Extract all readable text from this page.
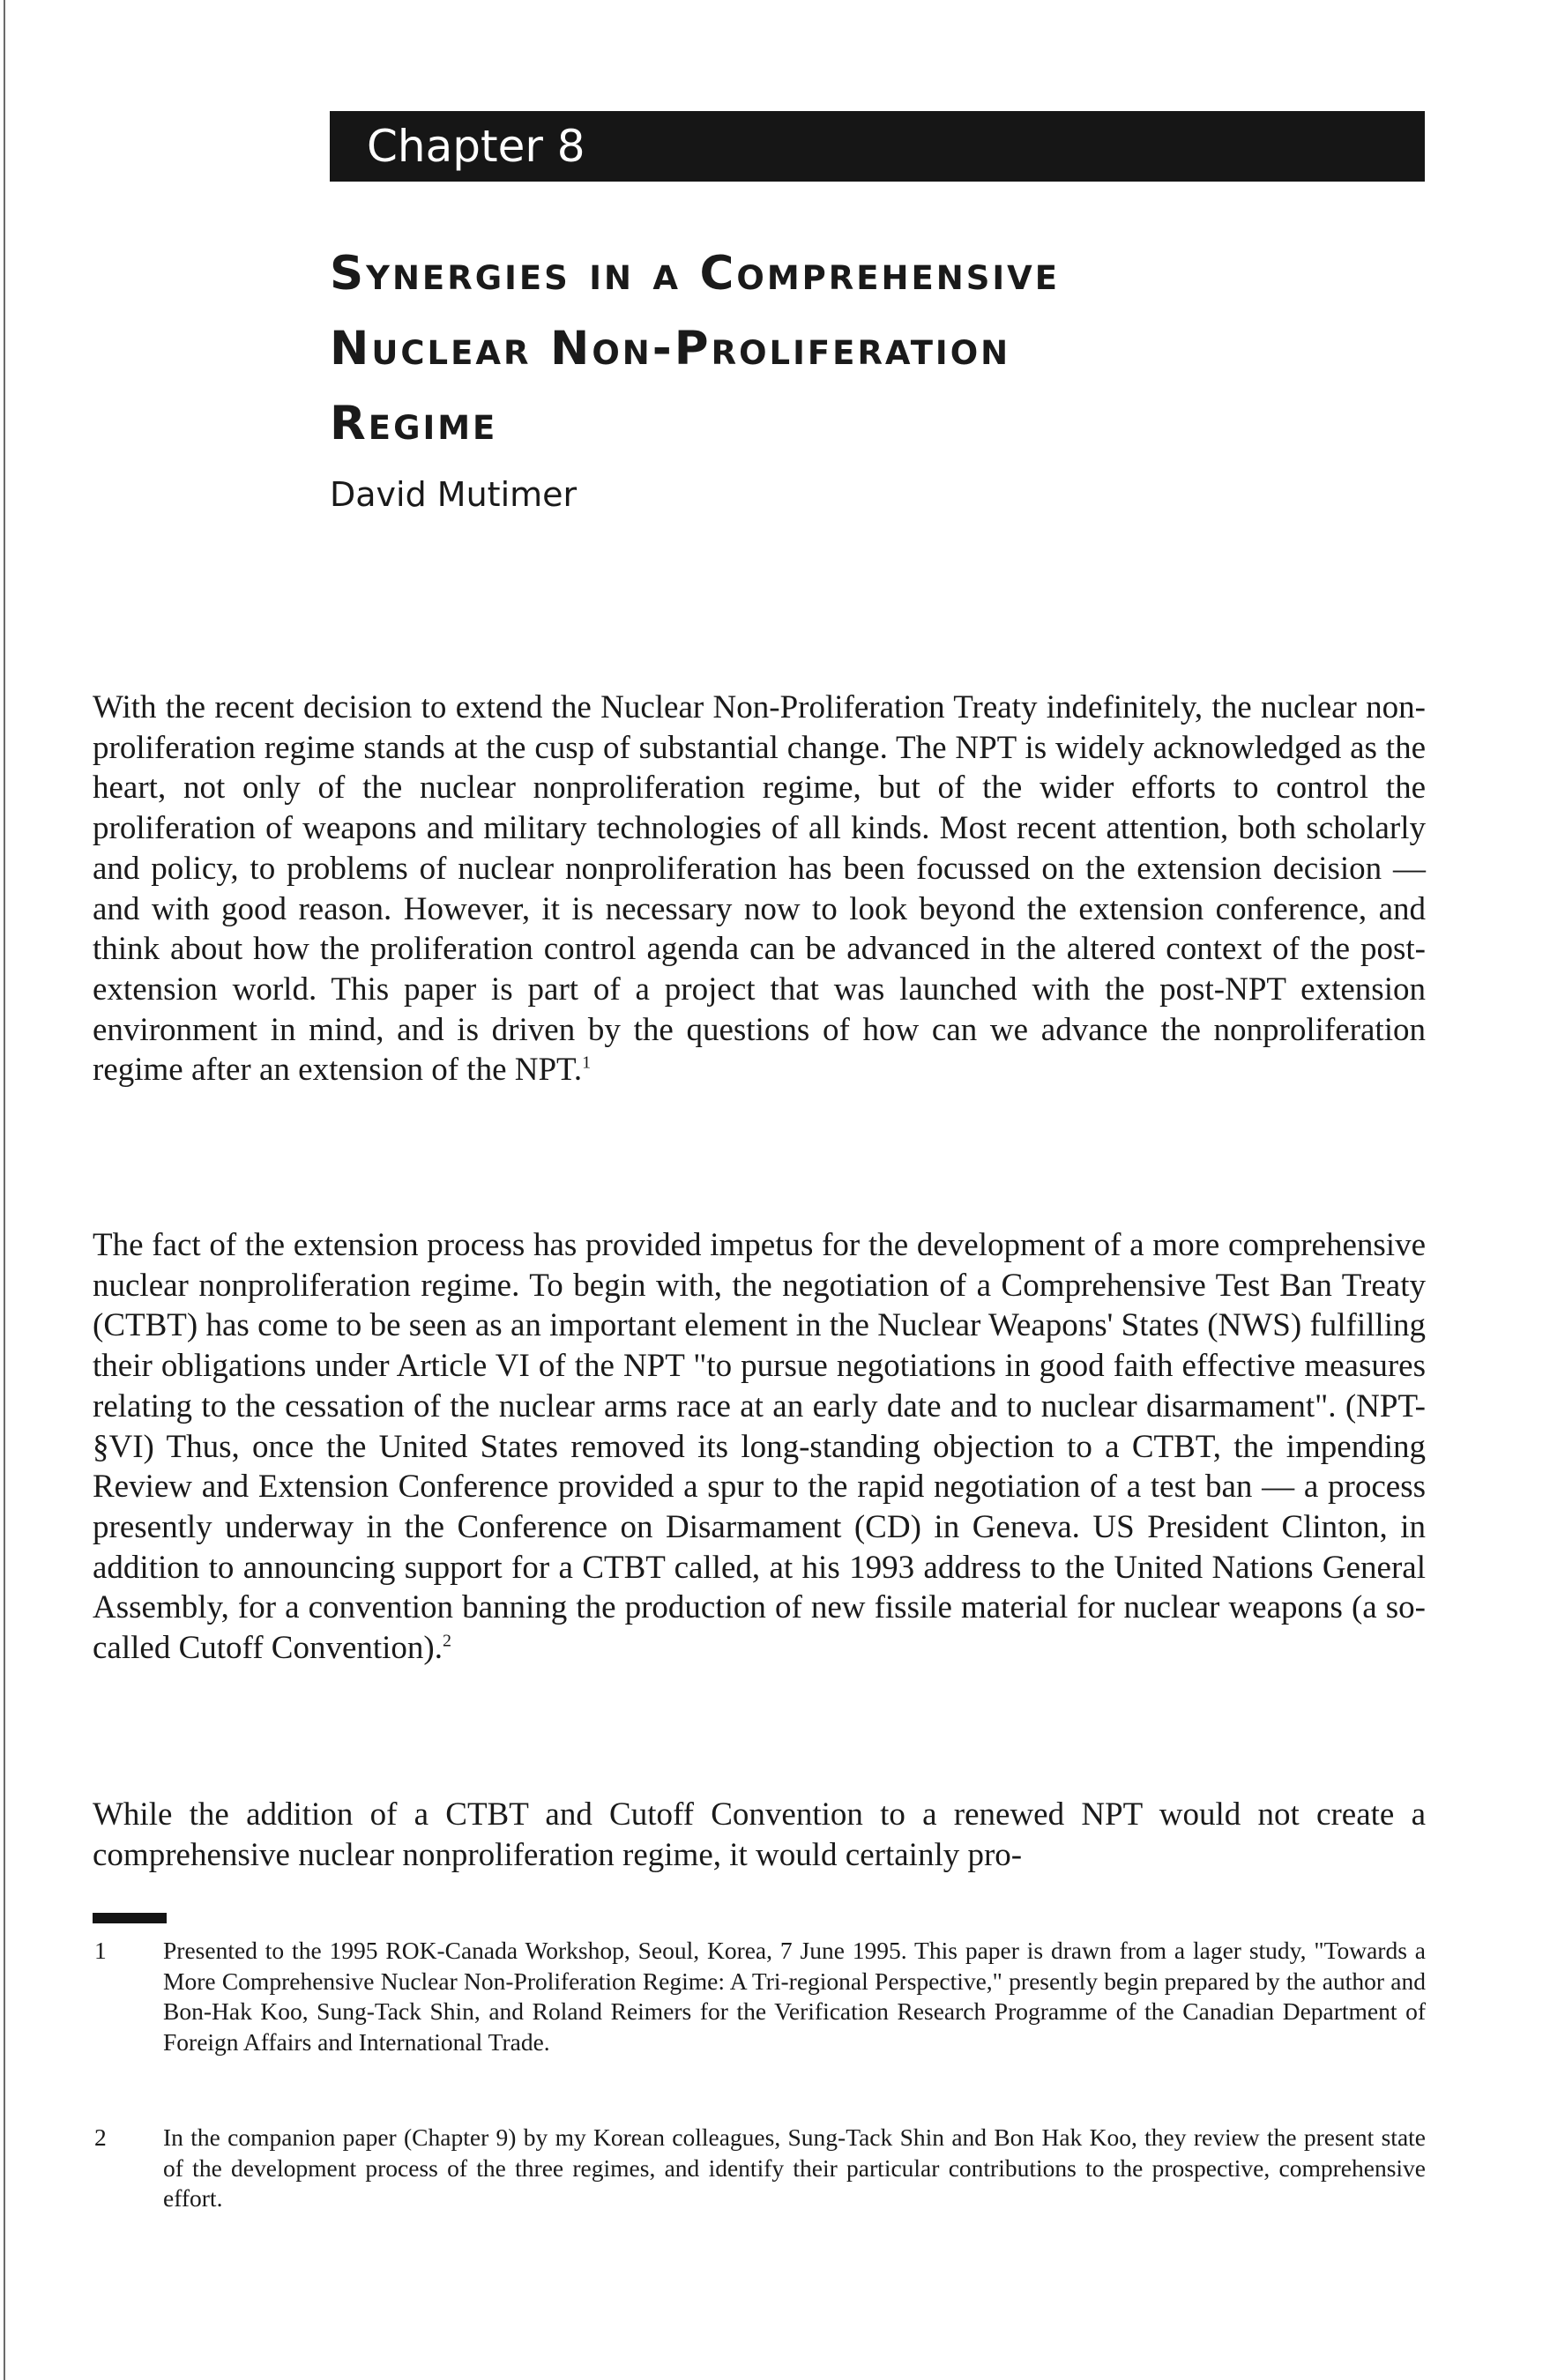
Chapter 8
Synergies in a Comprehensive
Nuclear Non-Proliferation
Regime
David Mutimer

With the recent decision to extend the Nuclear Non-Proliferation Treaty indefinitely, the nuclear non-proliferation regime stands at the cusp of substantial change. The NPT is widely acknowledged as the heart, not only of the nuclear nonproliferation regime, but of the wider efforts to control the proliferation of weapons and military technologies of all kinds. Most recent attention, both scholarly and policy, to problems of nuclear nonproliferation has been focussed on the extension decision — and with good reason. However, it is necessary now to look beyond the extension conference, and think about how the proliferation control agenda can be advanced in the altered context of the post-extension world. This paper is part of a project that was launched with the post-NPT extension environment in mind, and is driven by the questions of how can we advance the nonproliferation regime after an extension of the NPT.$^1$

The fact of the extension process has provided impetus for the development of a more comprehensive nuclear nonproliferation regime. To begin with, the negotiation of a Comprehensive Test Ban Treaty (CTBT) has come to be seen as an important element in the Nuclear Weapons' States (NWS) fulfilling their obligations under Article VI of the NPT "to pursue negotiations in good faith effective measures relating to the cessation of the nuclear arms race at an early date and to nuclear disarmament". (NPT-§VI) Thus, once the United States removed its long-standing objection to a CTBT, the impending Review and Extension Conference provided a spur to the rapid negotiation of a test ban — a process presently underway in the Conference on Disarmament (CD) in Geneva. US President Clinton, in addition to announcing support for a CTBT called, at his 1993 address to the United Nations General Assembly, for a convention banning the production of new fissile material for nuclear weapons (a so-called Cutoff Convention).$^2$

While the addition of a CTBT and Cutoff Convention to a renewed NPT would not create a comprehensive nuclear nonproliferation regime, it would certainly pro-

1 Presented to the 1995 ROK-Canada Workshop, Seoul, Korea, 7 June 1995. This paper is drawn from a lager study, "Towards a More Comprehensive Nuclear Non-Proliferation Regime: A Tri-regional Perspective," presently begin prepared by the author and Bon-Hak Koo, Sung-Tack Shin, and Roland Reimers for the Verification Research Programme of the Canadian Department of Foreign Affairs and International Trade.
2 In the companion paper (Chapter 9) by my Korean colleagues, Sung-Tack Shin and Bon Hak Koo, they review the present state of the development process of the three regimes, and identify their particular contributions to the prospective, comprehensive effort.
